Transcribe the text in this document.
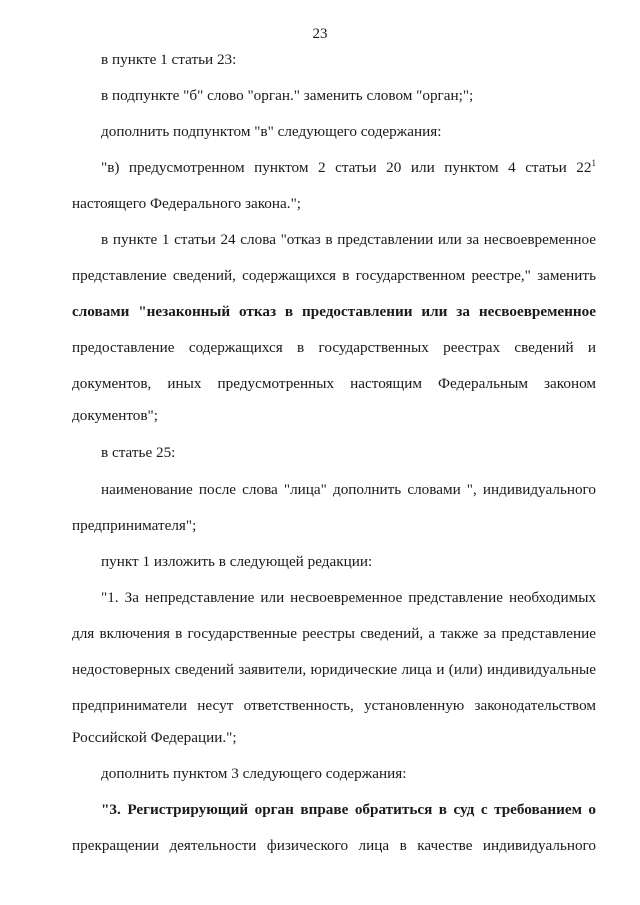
23
в пункте 1 статьи 23:
в подпункте "б" слово "орган." заменить словом "орган;";
дополнить подпунктом "в" следующего содержания:
"в) предусмотренном пунктом 2 статьи 20 или пунктом 4 статьи $22^1$
настоящего Федерального закона.";
в пункте 1 статьи 24 слова "отказ в представлении или за несвоевременное
представление сведений, содержащихся в государственном реестре," заменить
словами "незаконный отказ в предоставлении или за несвоевременное
предоставление содержащихся в государственных реестрах сведений и
документов, иных предусмотренных настоящим Федеральным законом
документов";
в статье 25:
наименование после слова "лица" дополнить словами ", индивидуального
предпринимателя";
пункт 1 изложить в следующей редакции:
"1. За непредставление или несвоевременное представление необходимых
для включения в государственные реестры сведений, а также за представление
недостоверных сведений заявители, юридические лица и (или) индивидуальные
предприниматели несут ответственность, установленную законодательством
Российской Федерации.";
дополнить пунктом 3 следующего содержания:
"3. Регистрирующий орган вправе обратиться в суд с требованием о
прекращении деятельности физического лица в качестве индивидуального
